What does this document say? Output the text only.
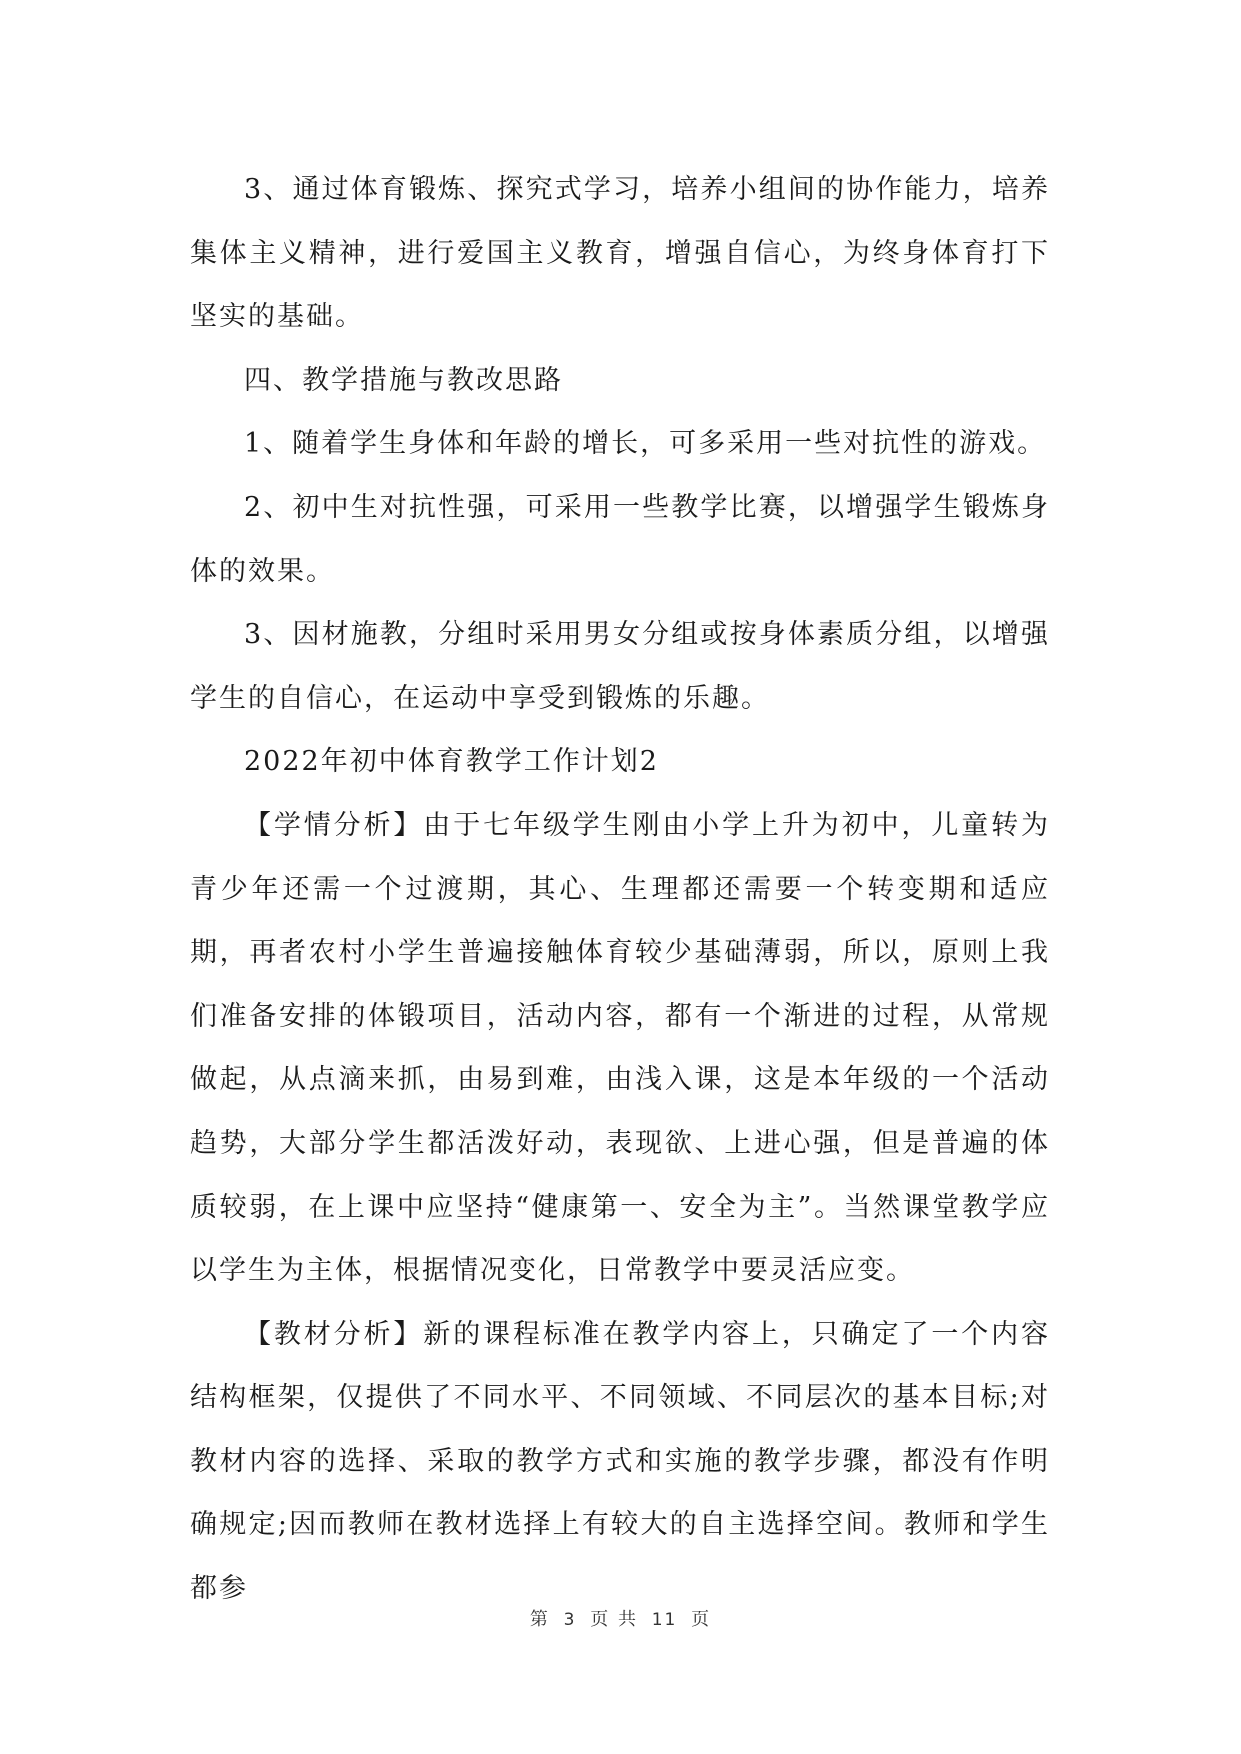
3、通过体育锻炼、探究式学习，培养小组间的协作能力，培养集体主义精神，进行爱国主义教育，增强自信心，为终身体育打下坚实的基础。

四、教学措施与教改思路

1、随着学生身体和年龄的增长，可多采用一些对抗性的游戏。

2、初中生对抗性强，可采用一些教学比赛，以增强学生锻炼身体的效果。

3、因材施教，分组时采用男女分组或按身体素质分组，以增强学生的自信心，在运动中享受到锻炼的乐趣。

2022年初中体育教学工作计划2

【学情分析】由于七年级学生刚由小学上升为初中，儿童转为青少年还需一个过渡期，其心、生理都还需要一个转变期和适应期，再者农村小学生普遍接触体育较少基础薄弱，所以，原则上我们准备安排的体锻项目，活动内容，都有一个渐进的过程，从常规做起，从点滴来抓，由易到难，由浅入课，这是本年级的一个活动趋势，大部分学生都活泼好动，表现欲、上进心强，但是普遍的体质较弱，在上课中应坚持“健康第一、安全为主”。当然课堂教学应以学生为主体，根据情况变化，日常教学中要灵活应变。

【教材分析】新的课程标准在教学内容上，只确定了一个内容结构框架，仅提供了不同水平、不同领域、不同层次的基本目标;对教材内容的选择、采取的教学方式和实施的教学步骤，都没有作明确规定;因而教师在教材选择上有较大的自主选择空间。教师和学生都参

第 3 页 共 11 页
